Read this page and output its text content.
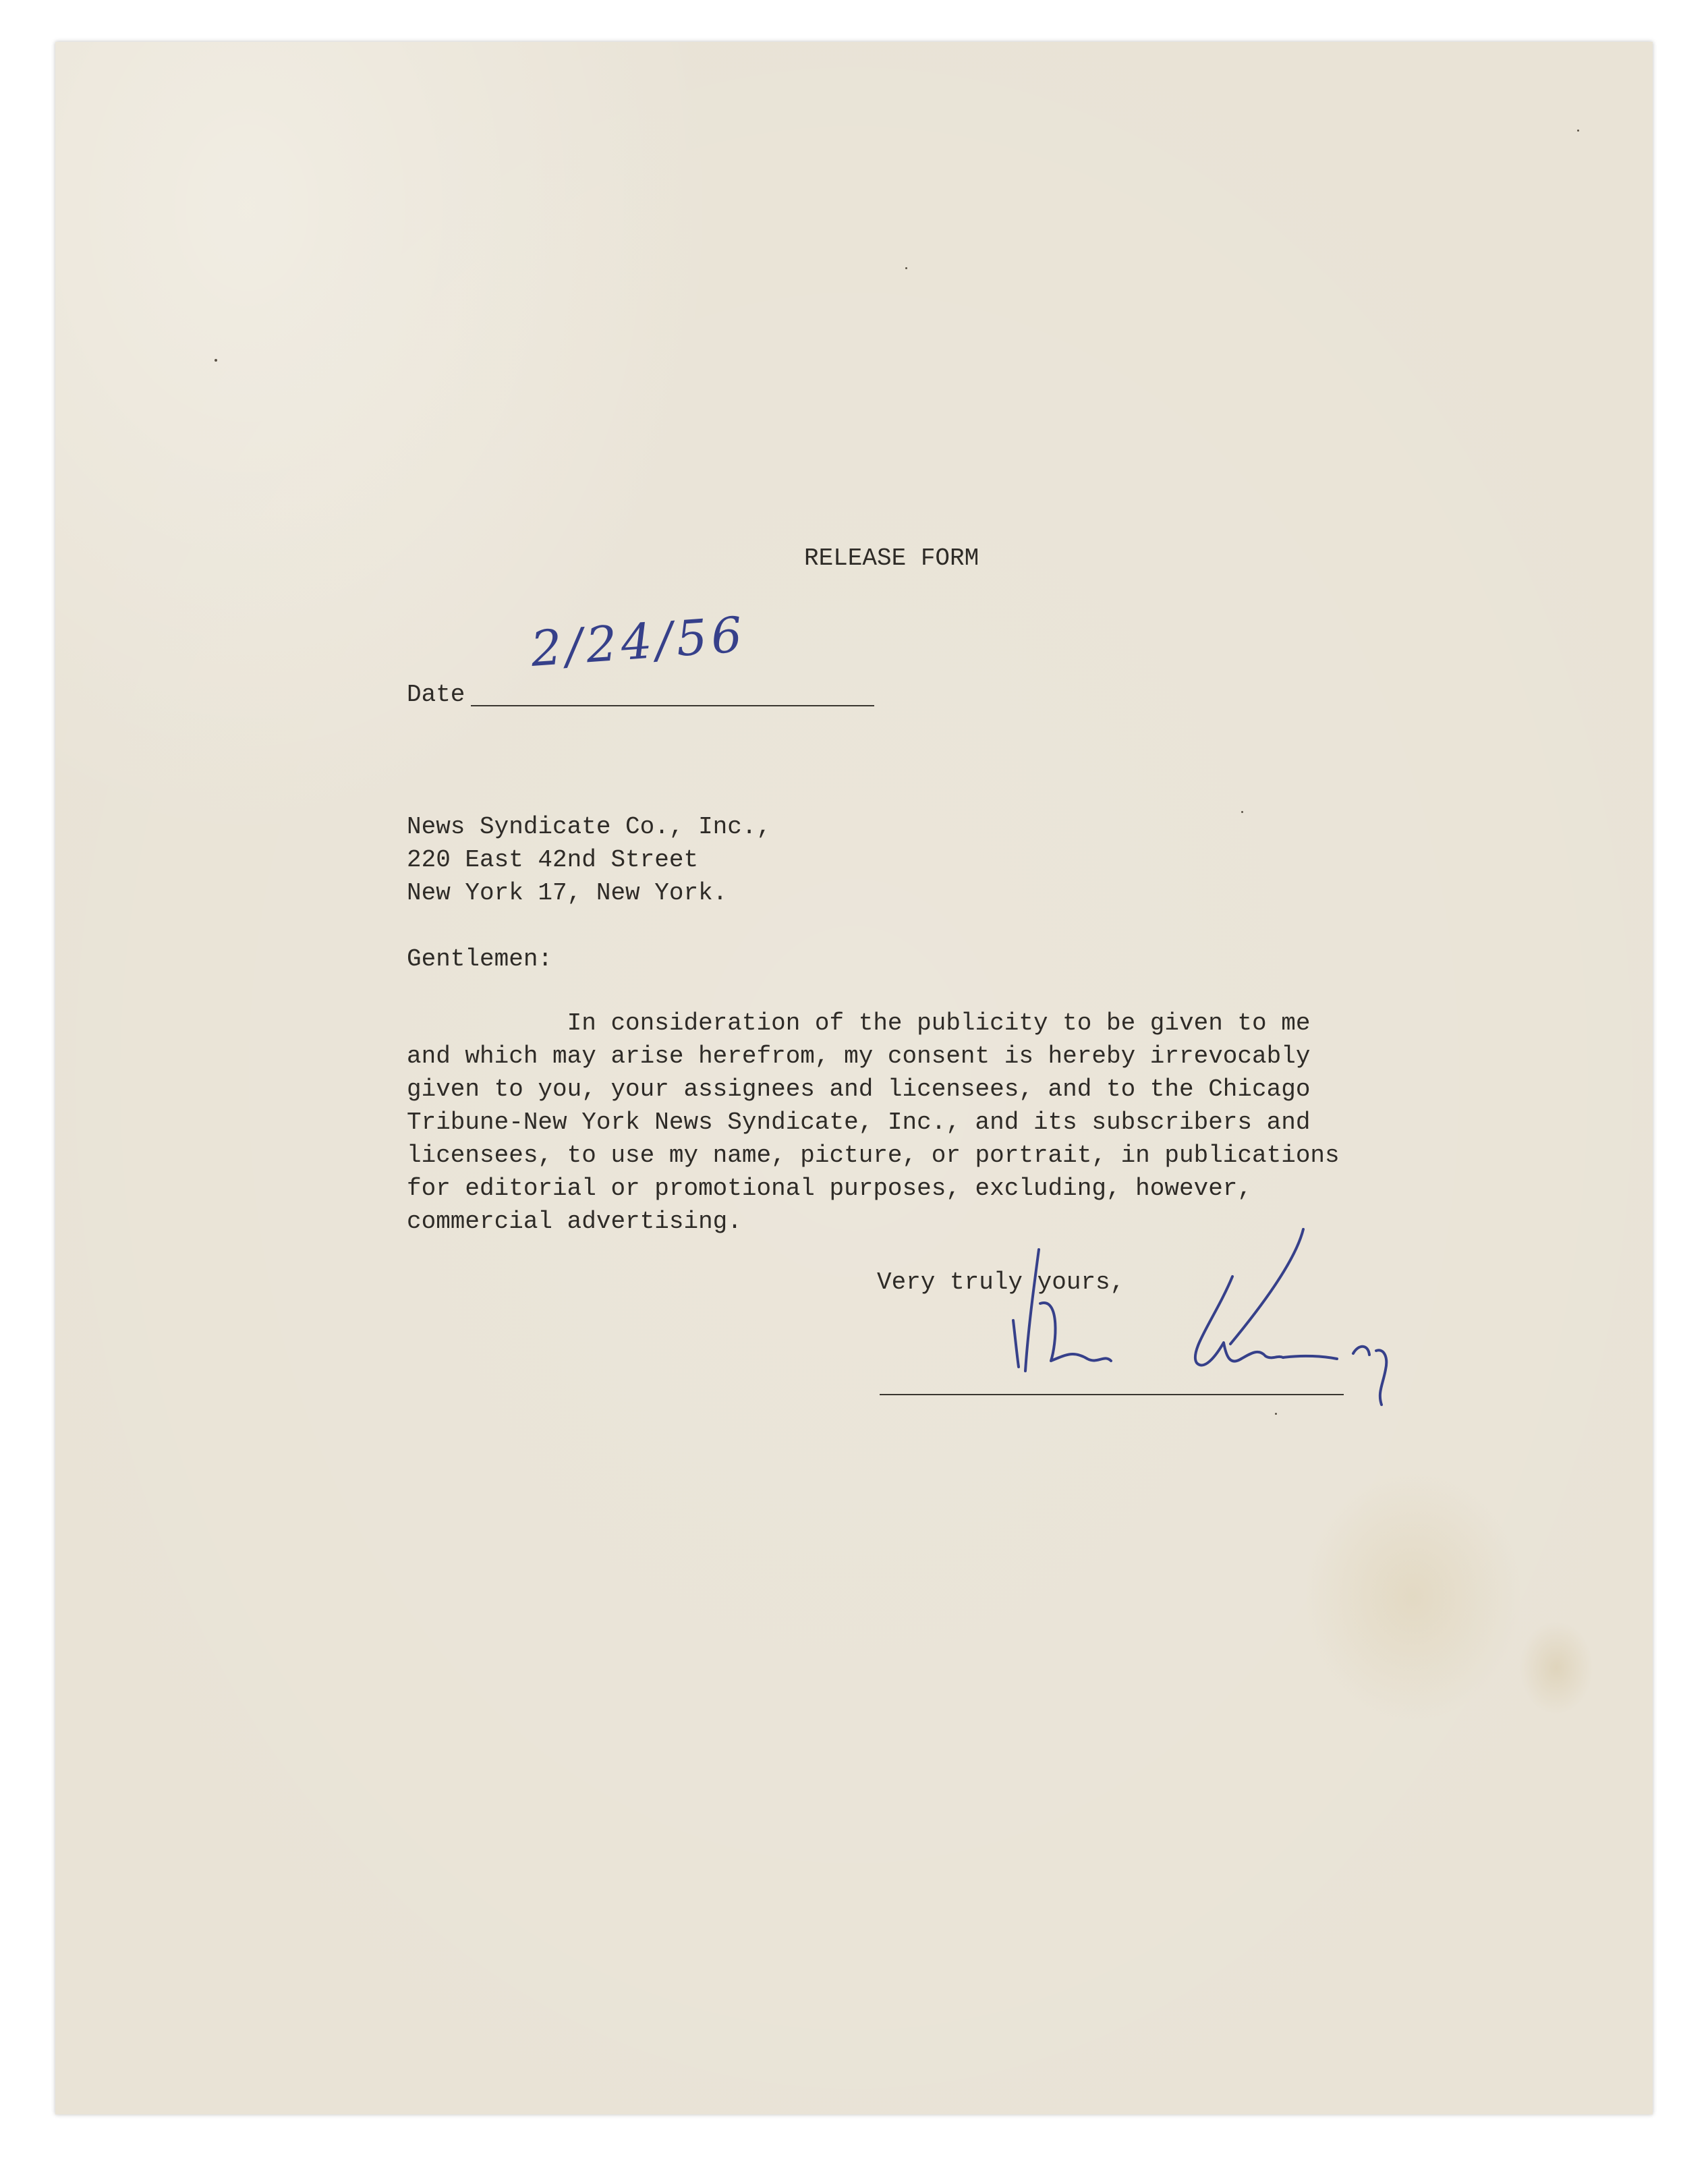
RELEASE FORM
Date
2/24/56
News Syndicate Co., Inc.,
220 East 42nd Street
New York 17, New York.
Gentlemen:
In consideration of the publicity to be given to me
and which may arise herefrom, my consent is hereby irrevocably
given to you, your assignees and licensees, and to the Chicago
Tribune-New York News Syndicate, Inc., and its subscribers and
licensees, to use my name, picture, or portrait, in publications
for editorial or promotional purposes, excluding, however,
commercial advertising.
Very truly yours,
